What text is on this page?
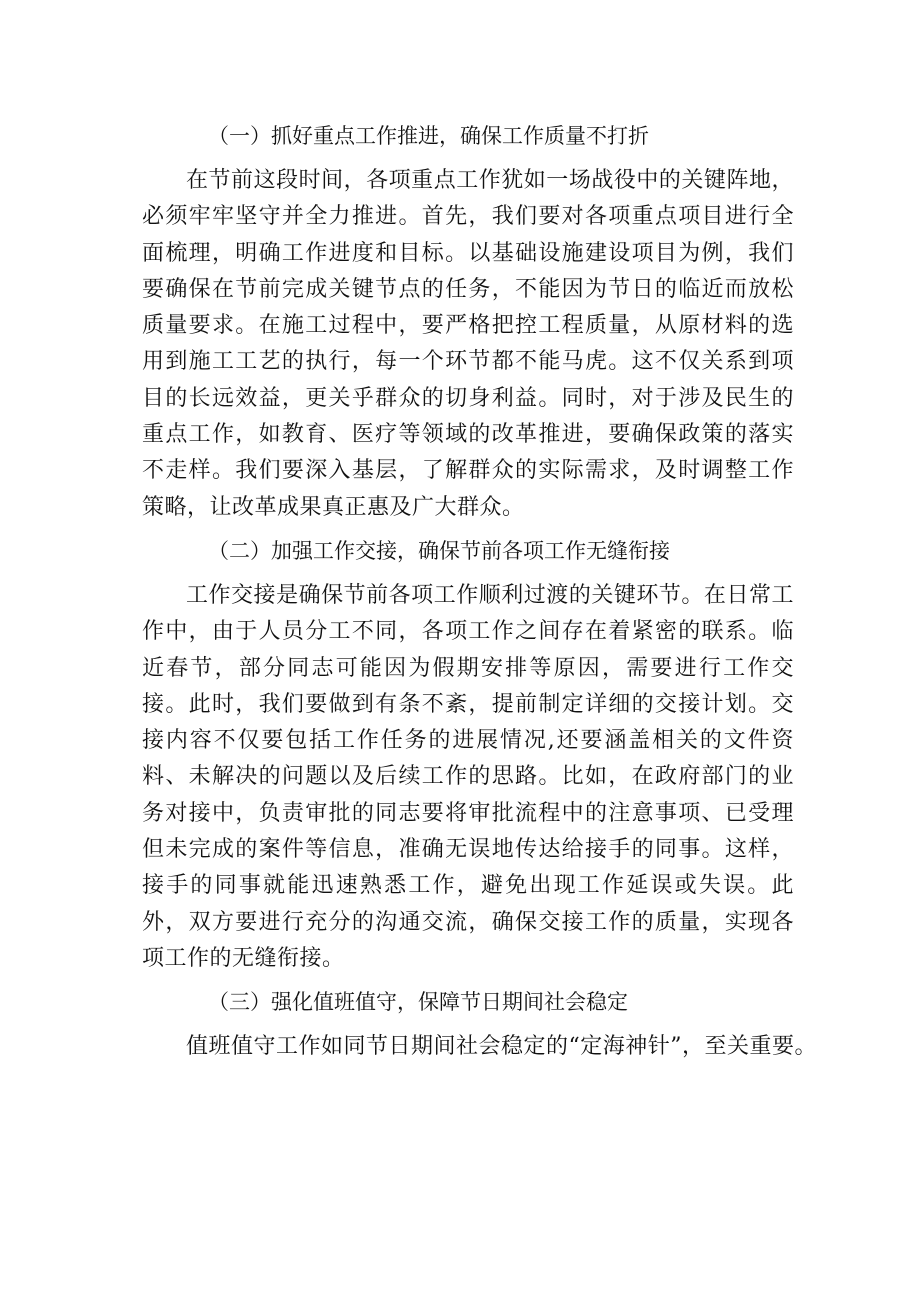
（一）抓好重点工作推进，确保工作质量不打折

在节前这段时间，各项重点工作犹如一场战役中的关键阵地，必须牢牢坚守并全力推进。首先，我们要对各项重点项目进行全面梳理，明确工作进度和目标。以基础设施建设项目为例，我们要确保在节前完成关键节点的任务，不能因为节日的临近而放松质量要求。在施工过程中，要严格把控工程质量，从原材料的选用到施工工艺的执行，每一个环节都不能马虎。这不仅关系到项目的长远效益，更关乎群众的切身利益。同时，对于涉及民生的重点工作，如教育、医疗等领域的改革推进，要确保政策的落实不走样。我们要深入基层，了解群众的实际需求，及时调整工作策略，让改革成果真正惠及广大群众。

（二）加强工作交接，确保节前各项工作无缝衔接

工作交接是确保节前各项工作顺利过渡的关键环节。在日常工作中，由于人员分工不同，各项工作之间存在着紧密的联系。临近春节，部分同志可能因为假期安排等原因，需要进行工作交接。此时，我们要做到有条不紊，提前制定详细的交接计划。交接内容不仅要包括工作任务的进展情况,还要涵盖相关的文件资料、未解决的问题以及后续工作的思路。比如，在政府部门的业务对接中，负责审批的同志要将审批流程中的注意事项、已受理但未完成的案件等信息，准确无误地传达给接手的同事。这样，接手的同事就能迅速熟悉工作，避免出现工作延误或失误。此外，双方要进行充分的沟通交流，确保交接工作的质量，实现各项工作的无缝衔接。

（三）强化值班值守，保障节日期间社会稳定

值班值守工作如同节日期间社会稳定的“定海神针”，至关重要。
